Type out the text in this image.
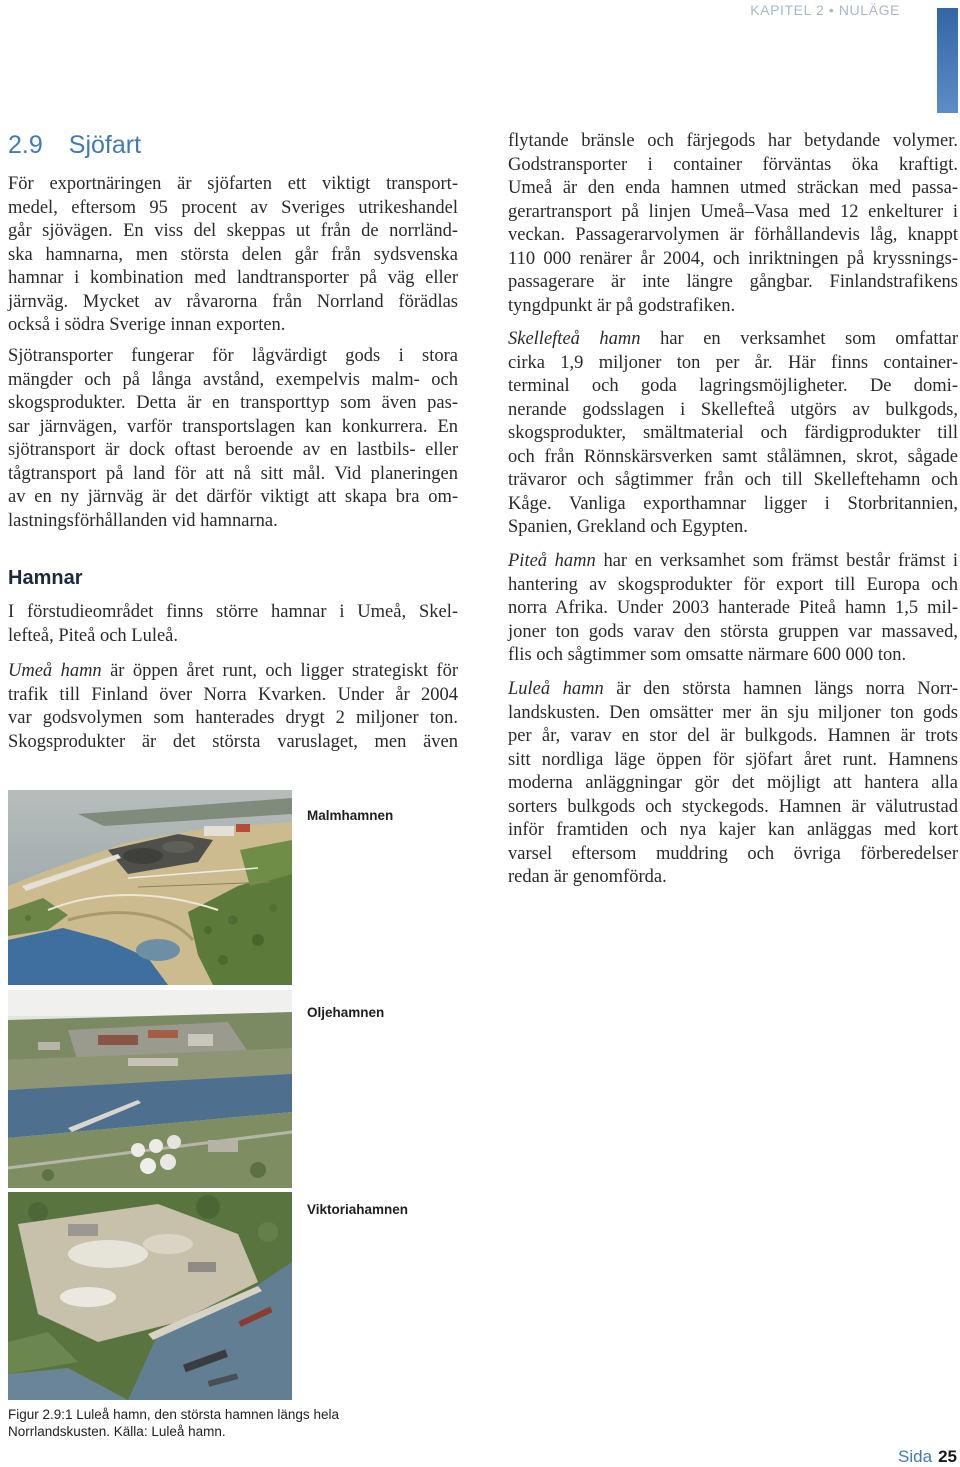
KAPITEL 2 • NULÄGE
2.9 Sjöfart
För exportnäringen är sjöfarten ett viktigt transport-
medel, eftersom 95 procent av Sveriges utrikeshandel
går sjövägen. En viss del skeppas ut från de norrländ-
ska hamnarna, men största delen går från sydsvenska
hamnar i kombination med landtransporter på väg eller
järnväg. Mycket av råvarorna från Norrland förädlas
också i södra Sverige innan exporten.
Sjötransporter fungerar för lågvärdigt gods i stora
mängder och på långa avstånd, exempelvis malm- och
skogsprodukter. Detta är en transporttyp som även pas-
sar järnvägen, varför transportslagen kan konkurrera. En
sjötransport är dock oftast beroende av en lastbils- eller
tågtransport på land för att nå sitt mål. Vid planeringen
av en ny järnväg är det därför viktigt att skapa bra om-
lastningsförhållanden vid hamnarna.
Hamnar
I förstudieområdet finns större hamnar i Umeå, Skel-
lefteå, Piteå och Luleå.
Umeå hamn är öppen året runt, och ligger strategiskt för
trafik till Finland över Norra Kvarken. Under år 2004
var godsvolymen som hanterades drygt 2 miljoner ton.
Skogsprodukter är det största varuslaget, men även
flytande bränsle och färjegods har betydande volymer.
Godstransporter i container förväntas öka kraftigt.
Umeå är den enda hamnen utmed sträckan med passa-
gerartransport på linjen Umeå–Vasa med 12 enkelturer i
veckan. Passagerarvolymen är förhållandevis låg, knappt
110 000 renärer år 2004, och inriktningen på kryssnings-
passagerare är inte längre gångbar. Finlandstrafikens
tyngdpunkt är på godstrafiken.
Skellefteå hamn har en verksamhet som omfattar
cirka 1,9 miljoner ton per år. Här finns container-
terminal och goda lagringsmöjligheter. De domi-
nerande godsslagen i Skellefteå utgörs av bulkgods,
skogsprodukter, smältmaterial och färdigprodukter till
och från Rönnskärsverken samt stålämnen, skrot, sågade
trävaror och sågtimmer från och till Skelleftehamn och
Kåge. Vanliga exporthamnar ligger i Storbritannien,
Spanien, Grekland och Egypten.
Piteå hamn har en verksamhet som främst består främst i
hantering av skogsprodukter för export till Europa och
norra Afrika. Under 2003 hanterade Piteå hamn 1,5 mil-
joner ton gods varav den största gruppen var massaved,
flis och sågtimmer som omsatte närmare 600 000 ton.
Luleå hamn är den största hamnen längs norra Norr-
landskusten. Den omsätter mer än sju miljoner ton gods
per år, varav en stor del är bulkgods. Hamnen är trots
sitt nordliga läge öppen för sjöfart året runt. Hamnens
moderna anläggningar gör det möjligt att hantera alla
sorters bulkgods och styckegods. Hamnen är välutrustad
inför framtiden och nya kajer kan anläggas med kort
varsel eftersom muddring och övriga förberedelser
redan är genomförda.
Malmhamnen
Oljehamnen
Viktoriahamnen
Figur 2.9:1 Luleå hamn, den största hamnen längs hela
Norrlandskusten. Källa: Luleå hamn.
Sida 25
